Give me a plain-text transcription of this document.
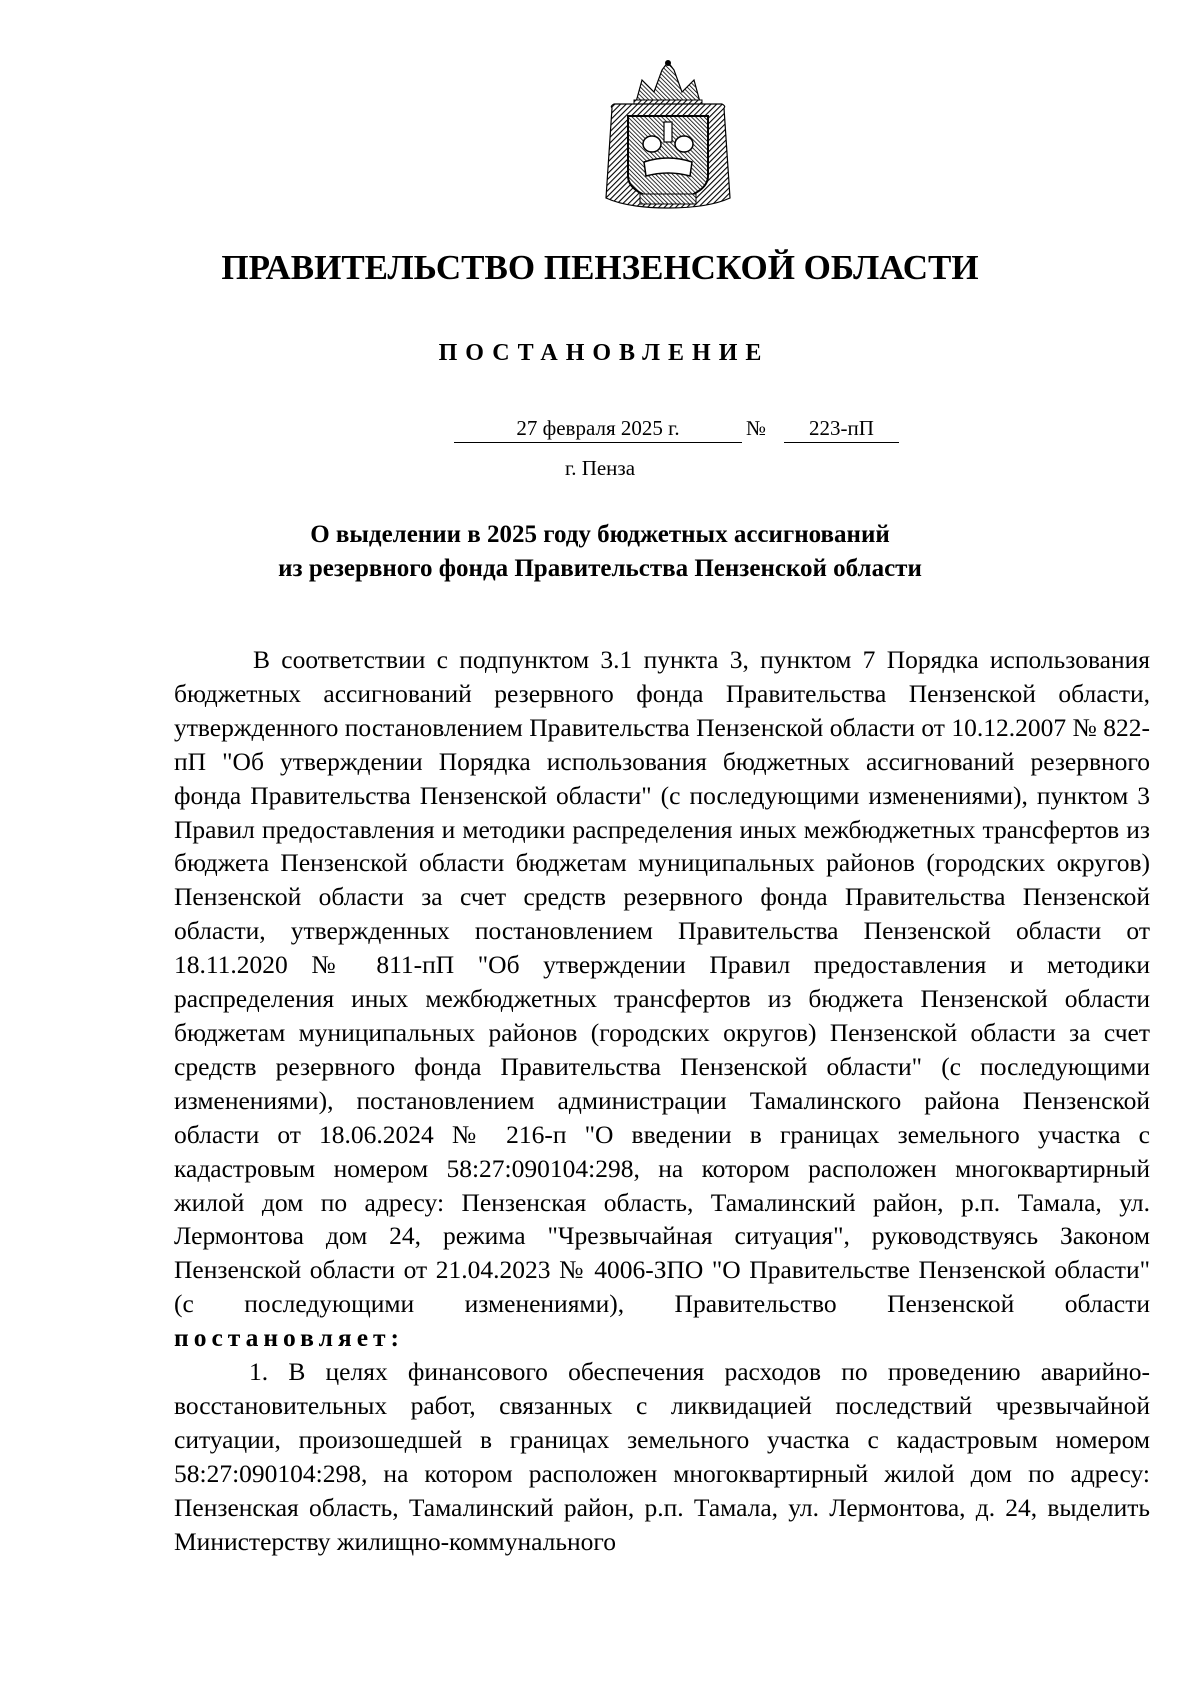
ПРАВИТЕЛЬСТВО ПЕНЗЕНСКОЙ ОБЛАСТИ
ПОСТАНОВЛЕНИЕ
27 февраля 2025 г.	№	223-пП
г. Пенза
О выделении в 2025 году бюджетных ассигнований
из резервного фонда Правительства Пензенской области

В соответствии с подпунктом 3.1 пункта 3, пунктом 7 Порядка использования бюджетных ассигнований резервного фонда Правительства Пензенской области, утвержденного постановлением Правительства Пензенской области от 10.12.2007 № 822-пП "Об утверждении Порядка использования бюджетных ассигнований резервного фонда Правительства Пензенской области" (с последующими изменениями), пунктом 3 Правил предоставления и методики распределения иных межбюджетных трансфертов из бюджета Пензенской области бюджетам муниципальных районов (городских округов) Пензенской области за счет средств резервного фонда Правительства Пензенской области, утвержденных постановлением Правительства Пензенской области от 18.11.2020 № 811-пП "Об утверждении Правил предоставления и методики распределения иных межбюджетных трансфертов из бюджета Пензенской области бюджетам муниципальных районов (городских округов) Пензенской области за счет средств резервного фонда Правительства Пензенской области" (с последующими изменениями), постановлением администрации Тамалинского района Пензенской области от 18.06.2024 № 216-п "О введении в границах земельного участка с кадастровым номером 58:27:090104:298, на котором расположен многоквартирный жилой дом по адресу: Пензенская область, Тамалинский район, р.п. Тамала, ул. Лермонтова дом 24, режима "Чрезвычайная ситуация", руководствуясь Законом Пензенской области от 21.04.2023 № 4006-ЗПО "О Правительстве Пензенской области" (с последующими изменениями), Правительство Пензенской области постановляет:

1. В целях финансового обеспечения расходов по проведению аварийно-восстановительных работ, связанных с ликвидацией последствий чрезвычайной ситуации, произошедшей в границах земельного участка с кадастровым номером 58:27:090104:298, на котором расположен многоквартирный жилой дом по адресу: Пензенская область, Тамалинский район, р.п. Тамала, ул. Лермонтова, д. 24, выделить Министерству жилищно-коммунального
